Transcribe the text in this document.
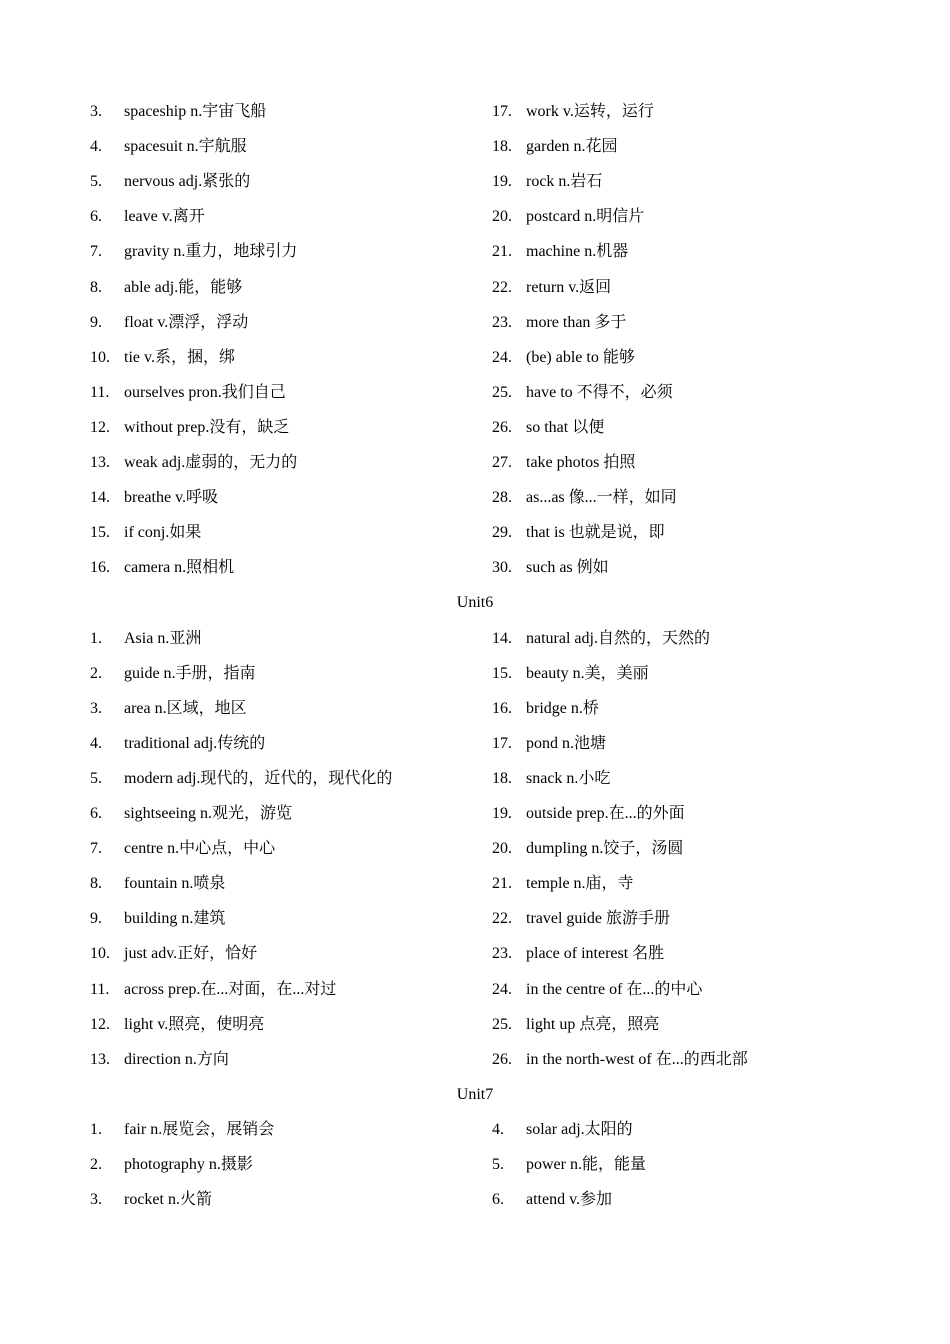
3. spaceship n.宇宙飞船	17. work v.运转，运行
4. spacesuit n.宇航服	18. garden n.花园
5. nervous adj.紧张的	19. rock n.岩石
6. leave v.离开	20. postcard n.明信片
7. gravity n.重力，地球引力	21. machine n.机器
8. able adj.能，能够	22. return v.返回
9. float v.漂浮，浮动	23. more than 多于
10. tie v.系，捆，绑	24. (be) able to 能够
11. ourselves pron.我们自己	25. have to 不得不，必须
12. without prep.没有，缺乏	26. so that 以便
13. weak adj.虚弱的，无力的	27. take photos 拍照
14. breathe v.呼吸	28. as...as 像...一样，如同
15. if conj.如果	29. that is 也就是说，即
16. camera n.照相机	30. such as 例如
Unit6
1. Asia n.亚洲	14. natural adj.自然的，天然的
2. guide n.手册，指南	15. beauty n.美，美丽
3. area n.区域，地区	16. bridge n.桥
4. traditional adj.传统的	17. pond n.池塘
5. modern adj.现代的，近代的，现代化的	18. snack n.小吃
6. sightseeing n.观光，游览	19. outside prep.在...的外面
7. centre n.中心点，中心	20. dumpling n.饺子，汤圆
8. fountain n.喷泉	21. temple n.庙，寺
9. building n.建筑	22. travel guide 旅游手册
10. just adv.正好，恰好	23. place of interest 名胜
11. across prep.在...对面，在...对过	24. in the centre of 在...的中心
12. light v.照亮，使明亮	25. light up 点亮，照亮
13. direction n.方向	26. in the north-west of 在...的西北部
Unit7
1. fair n.展览会，展销会	4. solar adj.太阳的
2. photography n.摄影	5. power n.能，能量
3. rocket n.火箭	6. attend v.参加
